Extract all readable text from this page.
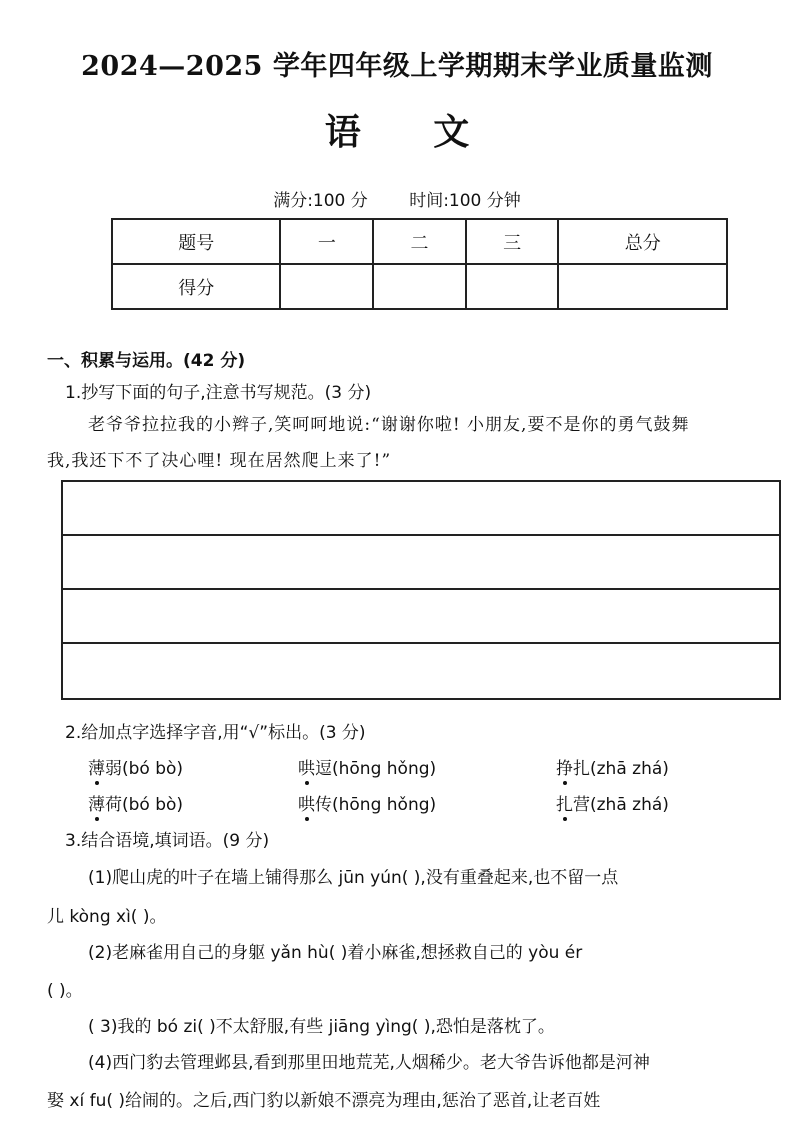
2024—2025 学年四年级上学期期末学业质量监测
语 文
满分:100 分 时间:100 分钟
题号	一	二	三	总分
得分				
一、积累与运用。(42 分)
1.抄写下面的句子,注意书写规范。(3 分)
老爷爷拉拉我的小辫子,笑呵呵地说:“谢谢你啦! 小朋友,要不是你的勇气鼓舞
我,我还下不了决心哩! 现在居然爬上来了!”
2.给加点字选择字音,用“√”标出。(3 分)
薄弱(bó bò)	哄逗(hōng hǒng)	挣扎(zhā zhá)
薄荷(bó bò)	哄传(hōng hǒng)	扎营(zhā zhá)
3.结合语境,填词语。(9 分)
(1)爬山虎的叶子在墙上铺得那么 jūn yún( ),没有重叠起来,也不留一点
儿 kòng xì( )。
(2)老麻雀用自己的身躯 yǎn hù( )着小麻雀,想拯救自己的 yòu ér
( )。
( 3)我的 bó zi( )不太舒服,有些 jiāng yìng( ),恐怕是落枕了。
(4)西门豹去管理邺县,看到那里田地荒芜,人烟稀少。老大爷告诉他都是河神
娶 xí fu( )给闹的。之后,西门豹以新娘不漂亮为理由,惩治了恶首,让老百姓
